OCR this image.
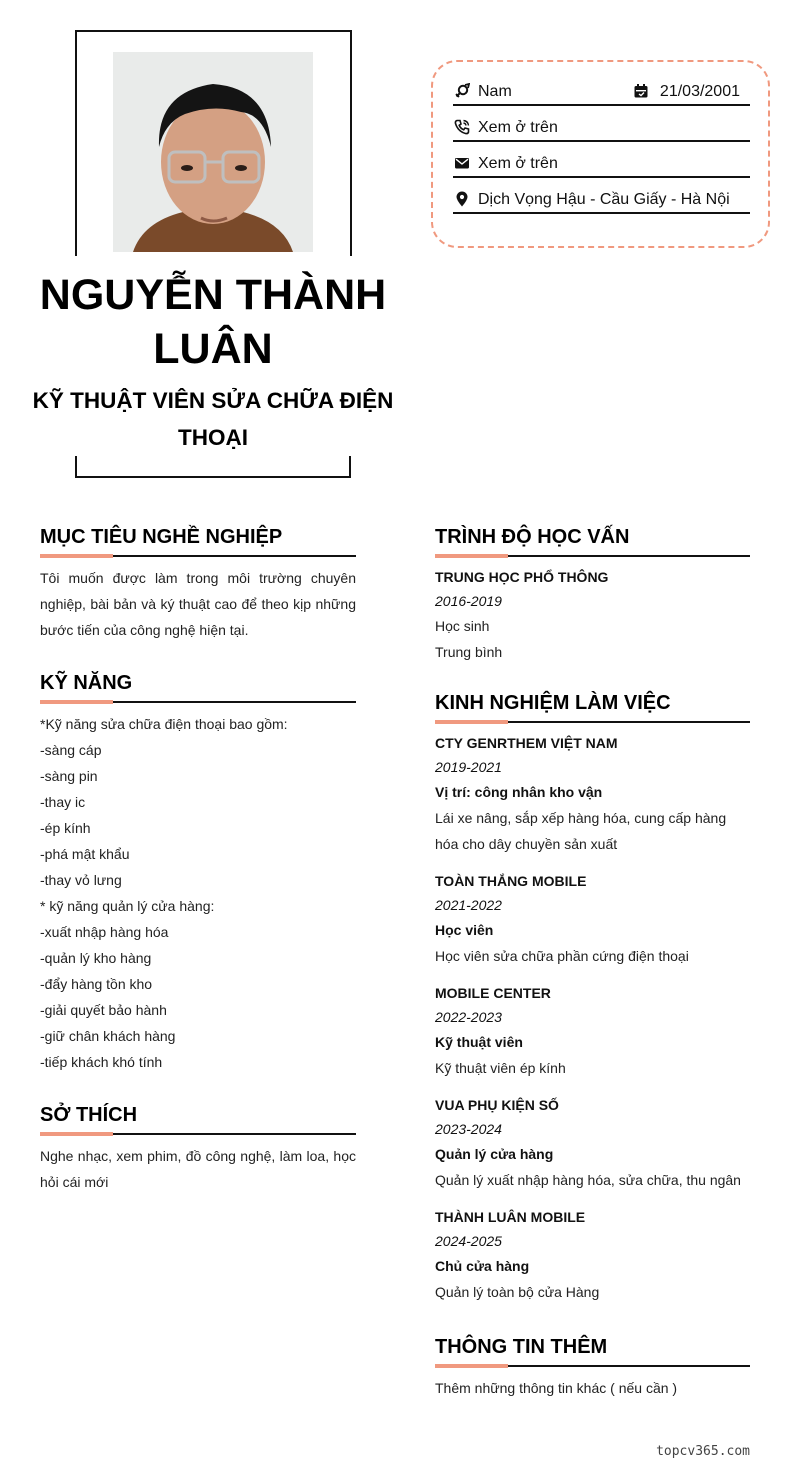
NGUYỄN THÀNH LUÂN
KỸ THUẬT VIÊN SỬA CHỮA ĐIỆN THOẠI
Nam	21/03/2001
Xem ở trên
Xem ở trên
Dịch Vọng Hậu - Cầu Giấy - Hà Nội
MỤC TIÊU NGHỀ NGHIỆP
Tôi muốn được làm trong môi trường chuyên nghiệp, bài bản và ký thuật cao để theo kịp những bước tiến của công nghệ hiện tại.
KỸ NĂNG
*Kỹ năng sửa chữa điện thoại bao gồm:
-sàng cáp
-sàng pin
-thay ic
-ép kính
-phá mật khẩu
-thay vỏ lưng
* kỹ năng quản lý cửa hàng:
-xuất nhập hàng hóa
-quản lý kho hàng
-đẩy hàng tồn kho
-giải quyết bảo hành
-giữ chân khách hàng
-tiếp khách khó tính
SỞ THÍCH
Nghe nhạc, xem phim, đồ công nghệ, làm loa, học hỏi cái mới
TRÌNH ĐỘ HỌC VẤN
TRUNG HỌC PHỔ THÔNG
2016-2019
Học sinh
Trung bình
KINH NGHIỆM LÀM VIỆC
CTY GENRTHEM VIỆT NAM
2019-2021
Vị trí: công nhân kho vận
Lái xe nâng, sắp xếp hàng hóa, cung cấp hàng hóa cho dây chuyền sản xuất
TOÀN THẮNG MOBILE
2021-2022
Học viên
Học viên sửa chữa phần cứng điện thoại
MOBILE CENTER
2022-2023
Kỹ thuật viên
Kỹ thuật viên ép kính
VUA PHỤ KIỆN SỐ
2023-2024
Quản lý cửa hàng
Quản lý xuất nhập hàng hóa, sửa chữa, thu ngân
THÀNH LUÂN MOBILE
2024-2025
Chủ cửa hàng
Quản lý toàn bộ cửa Hàng
THÔNG TIN THÊM
Thêm những thông tin khác ( nếu cần )
topcv365.com
